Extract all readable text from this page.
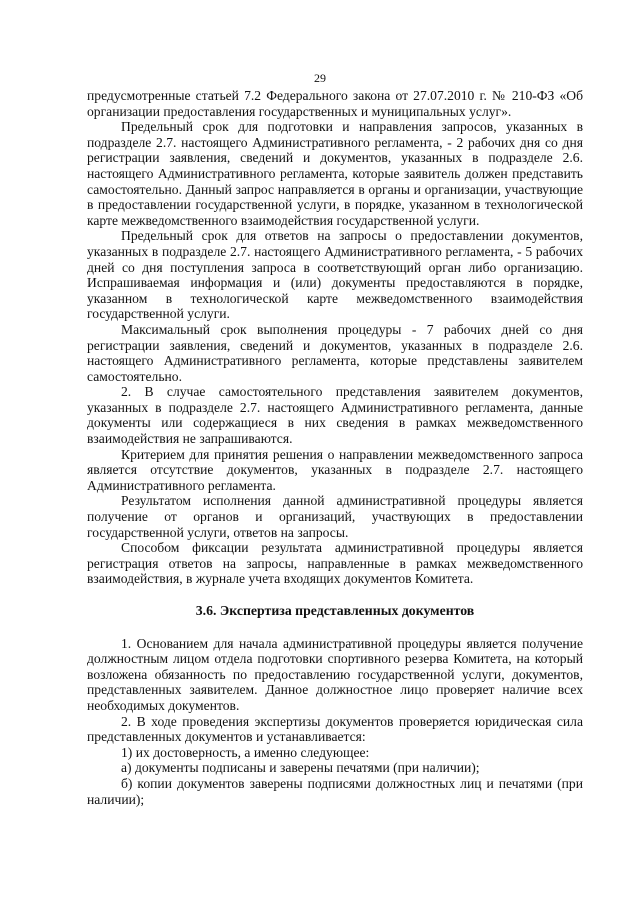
29

предусмотренные статьей 7.2 Федерального закона от 27.07.2010 г. № 210-ФЗ «Об организации предоставления государственных и муниципальных услуг».

Предельный срок для подготовки и направления запросов, указанных в подразделе 2.7. настоящего Административного регламента, - 2 рабочих дня со дня регистрации заявления, сведений и документов, указанных в подразделе 2.6. настоящего Административного регламента, которые заявитель должен представить самостоятельно. Данный запрос направляется в органы и организации, участвующие в предоставлении государственной услуги, в порядке, указанном в технологической карте межведомственного взаимодействия государственной услуги.

Предельный срок для ответов на запросы о предоставлении документов, указанных в подразделе 2.7. настоящего Административного регламента, - 5 рабочих дней со дня поступления запроса в соответствующий орган либо организацию. Испрашиваемая информация и (или) документы предоставляются в порядке, указанном в технологической карте межведомственного взаимодействия государственной услуги.

Максимальный срок выполнения процедуры - 7 рабочих дней со дня регистрации заявления, сведений и документов, указанных в подразделе 2.6. настоящего Административного регламента, которые представлены заявителем самостоятельно.

2. В случае самостоятельного представления заявителем документов, указанных в подразделе 2.7. настоящего Административного регламента, данные документы или содержащиеся в них сведения в рамках межведомственного взаимодействия не запрашиваются.

Критерием для принятия решения о направлении межведомственного запроса является отсутствие документов, указанных в подразделе 2.7. настоящего Административного регламента.

Результатом исполнения данной административной процедуры является получение от органов и организаций, участвующих в предоставлении государственной услуги, ответов на запросы.

Способом фиксации результата административной процедуры является регистрация ответов на запросы, направленные в рамках межведомственного взаимодействия, в журнале учета входящих документов Комитета.

3.6. Экспертиза представленных документов

1. Основанием для начала административной процедуры является получение должностным лицом отдела подготовки спортивного резерва Комитета, на который возложена обязанность по предоставлению государственной услуги, документов, представленных заявителем. Данное должностное лицо проверяет наличие всех необходимых документов.

2. В ходе проведения экспертизы документов проверяется юридическая сила представленных документов и устанавливается:

1) их достоверность, а именно следующее:

а) документы подписаны и заверены печатями (при наличии);

б) копии документов заверены подписями должностных лиц и печатями (при наличии);
